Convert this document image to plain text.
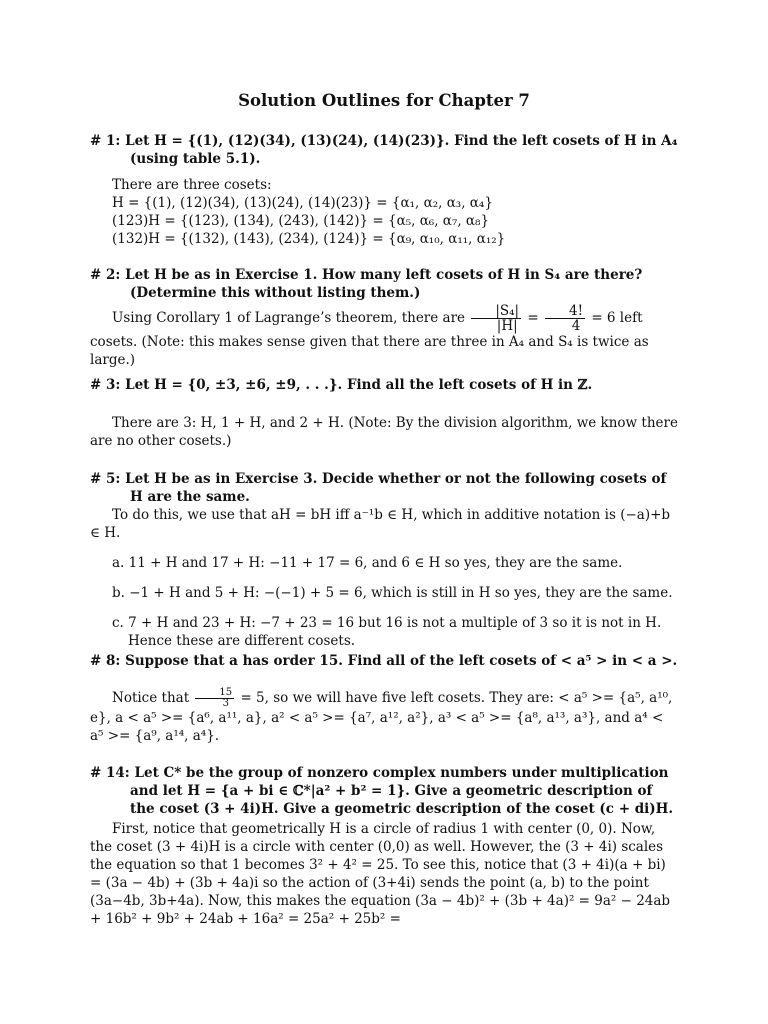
Solution Outlines for Chapter 7
# 1: Let H = {(1), (12)(34), (13)(24), (14)(23)}. Find the left cosets of H in A₄ (using table 5.1).

There are three cosets:

H = {(1), (12)(34), (13)(24), (14)(23)} = {α₁, α₂, α₃, α₄}

(123)H = {(123), (134), (243), (142)} = {α₅, α₆, α₇, α₈}

(132)H = {(132), (143), (234), (124)} = {α₉, α₁₀, α₁₁, α₁₂}

# 2: Let H be as in Exercise 1. How many left cosets of H in S₄ are there? (Determine this without listing them.)

Using Corollary 1 of Lagrange’s theorem, there are $\frac{\text{|S₄|}}{|H|} = \frac{4!}{4} = 6$ left cosets. (Note: this makes sense given that there are three in A₄ and S₄ is twice as large.)

# 3: Let H = {0, ±3, ±6, ±9, . . .}. Find all the left cosets of H in ℤ.

There are 3: H, 1 + H, and 2 + H. (Note: By the division algorithm, we know there are no other cosets.)

# 5: Let H be as in Exercise 3. Decide whether or not the following cosets of H are the same.

To do this, we use that aH = bH iff a⁻¹b ∈ H, which in additive notation is (−a)+b ∈ H.

a. 11 + H and 17 + H: −11 + 17 = 6, and 6 ∈ H so yes, they are the same.
b. −1 + H and 5 + H: −(−1) + 5 = 6, which is still in H so yes, they are the same.
c. 7 + H and 23 + H: −7 + 23 = 16 but 16 is not a multiple of 3 so it is not in H. Hence these are different cosets.
# 8: Suppose that a has order 15. Find all of the left cosets of < a⁵ > in < a >.

Notice that $\frac{15}{3} = 5$, so we will have five left cosets. They are: < a⁵ >= {a⁵, a¹⁰, e}, a < a⁵ >= {a⁶, a¹¹, a}, a² < a⁵ >= {a⁷, a¹², a²}, a³ < a⁵ >= {a⁸, a¹³, a³}, and a⁴ < a⁵ >= {a⁹, a¹⁴, a⁴}.

# 14: Let C* be the group of nonzero complex numbers under multiplication and let H = {a + bi ∈ ℂ*|a² + b² = 1}. Give a geometric description of the coset (3 + 4i)H. Give a geometric description of the coset (c + di)H.

First, notice that geometrically H is a circle of radius 1 with center (0, 0). Now, the coset (3 + 4i)H is a circle with center (0,0) as well. However, the (3 + 4i) scales the equation so that 1 becomes 3² + 4² = 25. To see this, notice that (3 + 4i)(a + bi) = (3a − 4b) + (3b + 4a)i so the action of (3+4i) sends the point (a, b) to the point (3a−4b, 3b+4a). Now, this makes the equation (3a − 4b)² + (3b + 4a)² = 9a² − 24ab + 16b² + 9b² + 24ab + 16a² = 25a² + 25b² =
